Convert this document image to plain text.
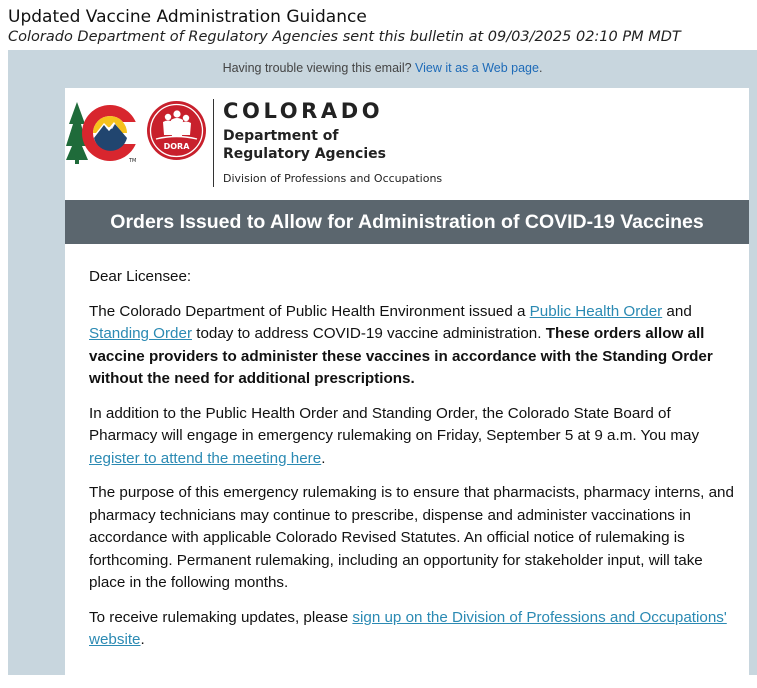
Updated Vaccine Administration Guidance
Colorado Department of Regulatory Agencies sent this bulletin at 09/03/2025 02:10 PM MDT
Having trouble viewing this email? View it as a Web page.
TM
DORA
COLORADO
Department of
Regulatory Agencies
Division of Professions and Occupations
Orders Issued to Allow for Administration of COVID-19 Vaccines

Dear Licensee:

The Colorado Department of Public Health Environment issued a Public Health Order and Standing Order today to address COVID-19 vaccine administration. These orders allow all vaccine providers to administer these vaccines in accordance with the Standing Order without the need for additional prescriptions.

In addition to the Public Health Order and Standing Order, the Colorado State Board of Pharmacy will engage in emergency rulemaking on Friday, September 5 at 9 a.m. You may register to attend the meeting here.

The purpose of this emergency rulemaking is to ensure that pharmacists, pharmacy interns, and pharmacy technicians may continue to prescribe, dispense and administer vaccinations in accordance with applicable Colorado Revised Statutes. An official notice of rulemaking is forthcoming. Permanent rulemaking, including an opportunity for stakeholder input, will take place in the following months.

To receive rulemaking updates, please sign up on the Division of Professions and Occupations' website.
